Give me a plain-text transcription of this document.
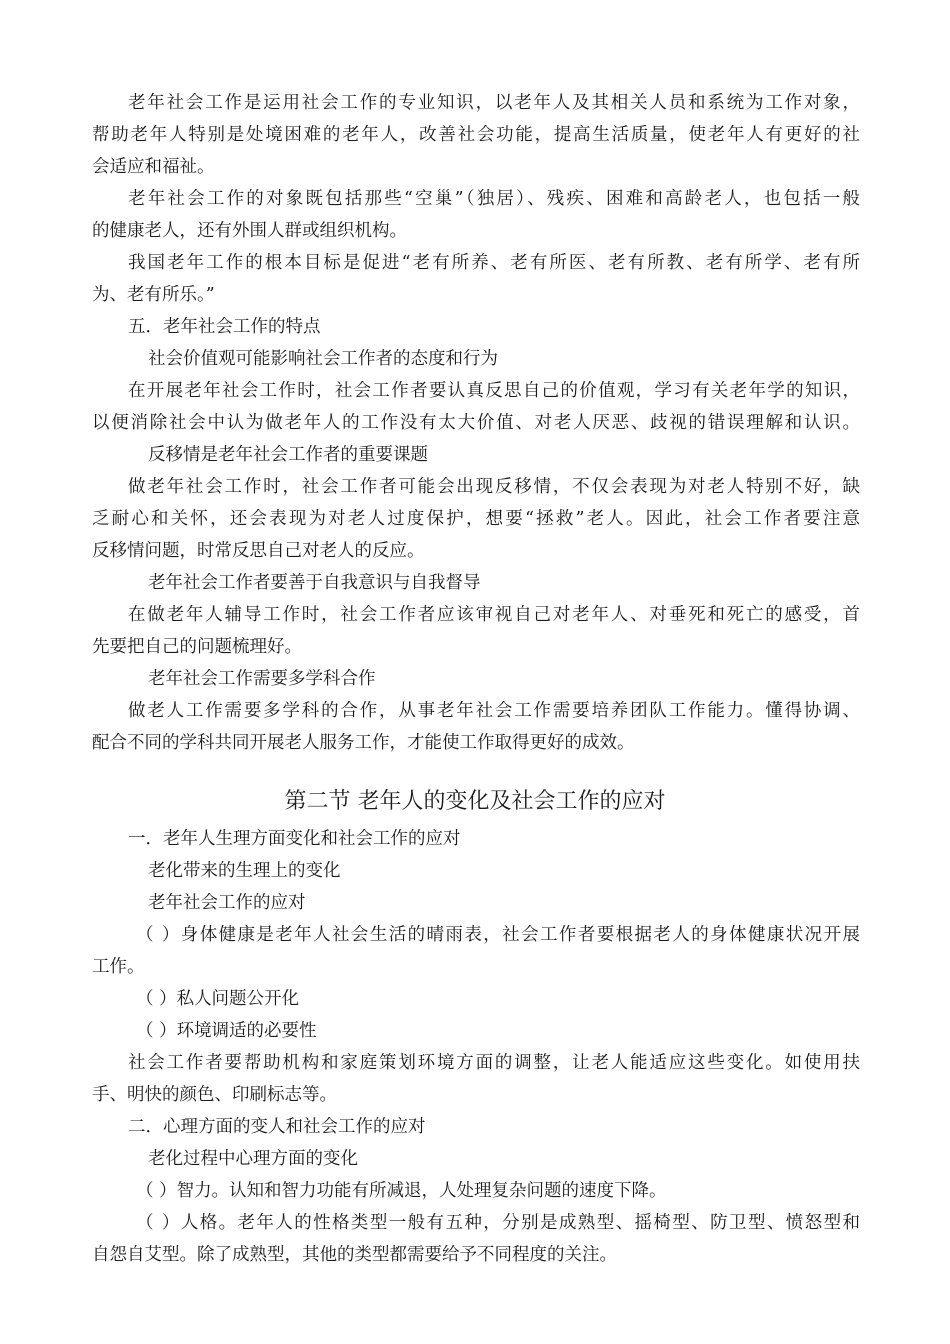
老年社会工作是运用社会工作的专业知识，以老年人及其相关人员和系统为工作对象，
帮助老年人特别是处境困难的老年人，改善社会功能，提高生活质量，使老年人有更好的社
会适应和福祉。
老年社会工作的对象既包括那些“空巢”（独居）、残疾、困难和高龄老人，也包括一般
的健康老人，还有外围人群或组织机构。
我国老年工作的根本目标是促进“老有所养、老有所医、老有所教、老有所学、老有所
为、老有所乐。”
五．老年社会工作的特点
社会价值观可能影响社会工作者的态度和行为
在开展老年社会工作时，社会工作者要认真反思自己的价值观，学习有关老年学的知识，
以便消除社会中认为做老年人的工作没有太大价值、对老人厌恶、歧视的错误理解和认识。
反移情是老年社会工作者的重要课题
做老年社会工作时，社会工作者可能会出现反移情，不仅会表现为对老人特别不好，缺
乏耐心和关怀，还会表现为对老人过度保护，想要“拯救”老人。因此，社会工作者要注意
反移情问题，时常反思自己对老人的反应。
老年社会工作者要善于自我意识与自我督导
在做老年人辅导工作时，社会工作者应该审视自己对老年人、对垂死和死亡的感受，首
先要把自己的问题梳理好。
老年社会工作需要多学科合作
做老人工作需要多学科的合作，从事老年社会工作需要培养团队工作能力。懂得协调、
配合不同的学科共同开展老人服务工作，才能使工作取得更好的成效。
第二节 老年人的变化及社会工作的应对
一．老年人生理方面变化和社会工作的应对
老化带来的生理上的变化
老年社会工作的应对
（ ）身体健康是老年人社会生活的晴雨表，社会工作者要根据老人的身体健康状况开展
工作。
（ ）私人问题公开化
（ ）环境调适的必要性
社会工作者要帮助机构和家庭策划环境方面的调整，让老人能适应这些变化。如使用扶
手、明快的颜色、印刷标志等。
二．心理方面的变人和社会工作的应对
老化过程中心理方面的变化
（ ）智力。认知和智力功能有所减退，人处理复杂问题的速度下降。
（ ）人格。老年人的性格类型一般有五种，分别是成熟型、摇椅型、防卫型、愤怒型和
自怨自艾型。除了成熟型，其他的类型都需要给予不同程度的关注。
